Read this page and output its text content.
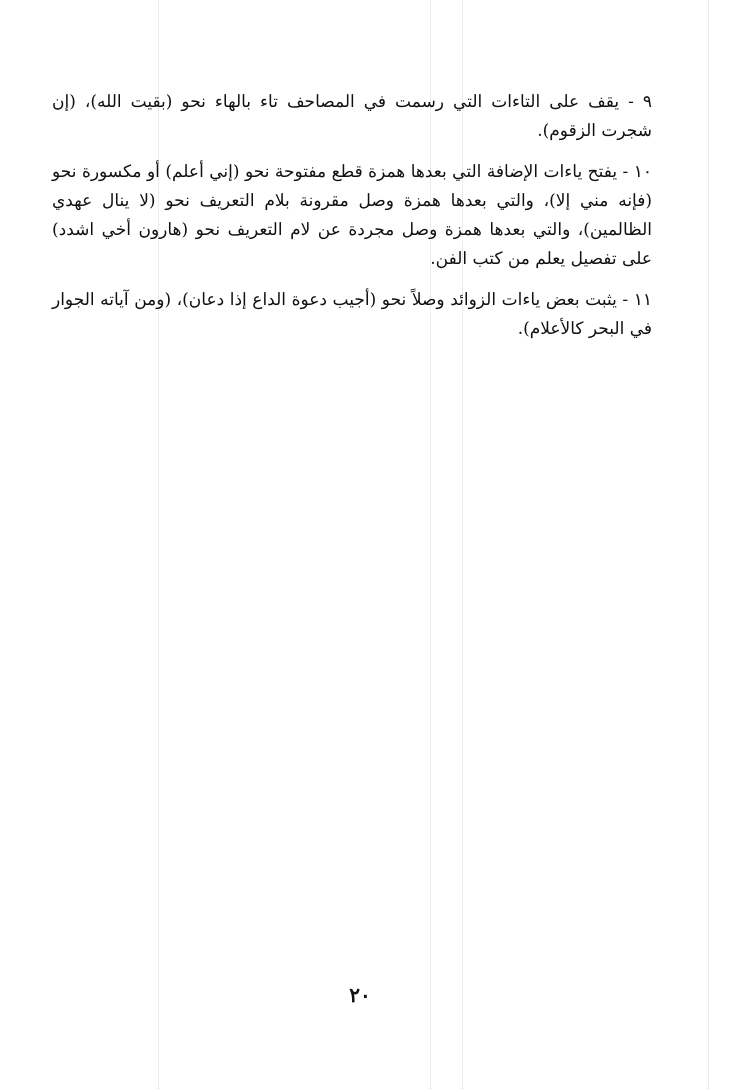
٩ - يقف على التاءات التي رسمت في المصاحف تاء بالهاء نحو (بقيت الله)، (إن شجرت الزقوم).

١٠ - يفتح ياءات الإضافة التي بعدها همزة قطع مفتوحة نحو (إني أعلم) أو مكسورة نحو (فإنه مني إلا)، والتي بعدها همزة وصل مقرونة بلام التعريف نحو (لا ينال عهدي الظالمين)، والتي بعدها همزة وصل مجردة عن لام التعريف نحو (هارون أخي اشدد) على تفصيل يعلم من كتب الفن.

١١ - يثبت بعض ياءات الزوائد وصلاً نحو (أجيب دعوة الداع إذا دعان)، (ومن آياته الجوار في البحر كالأعلام).

٢٠
